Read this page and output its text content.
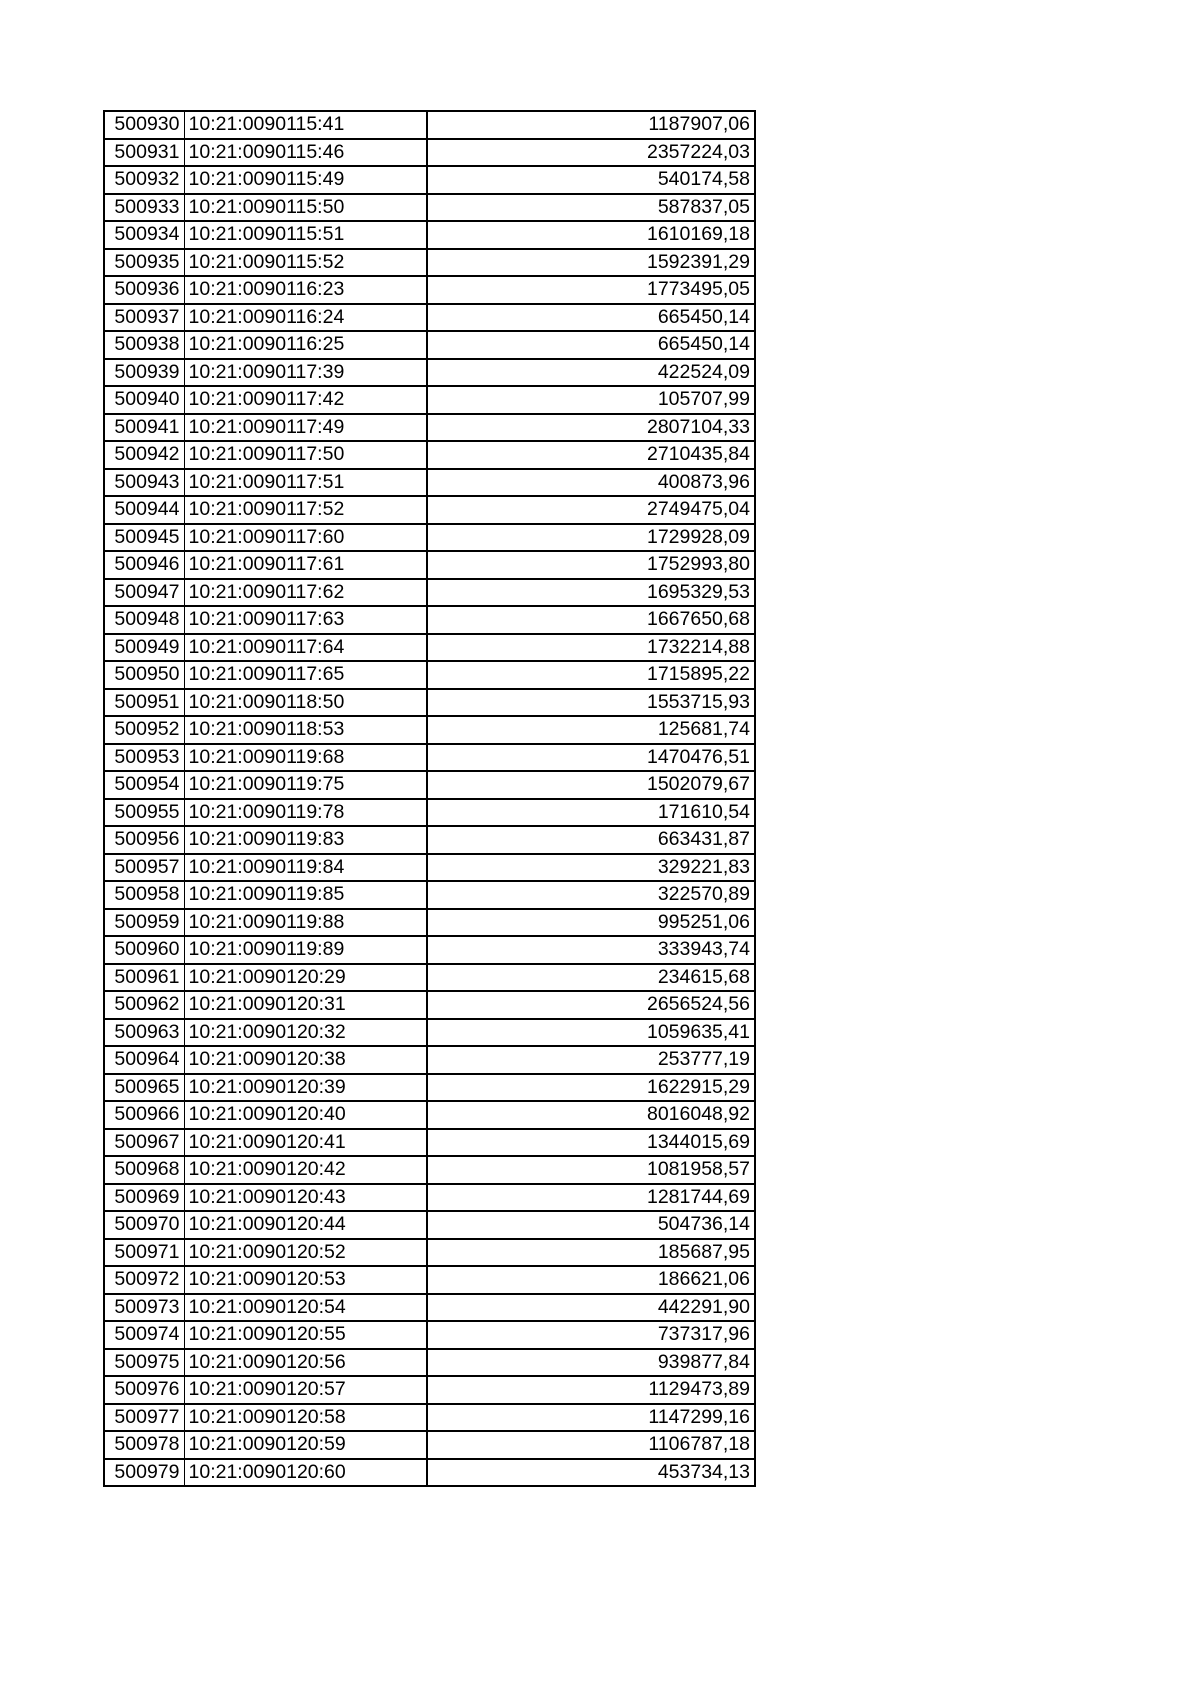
500930	10:21:0090115:41	1187907,06
500931	10:21:0090115:46	2357224,03
500932	10:21:0090115:49	540174,58
500933	10:21:0090115:50	587837,05
500934	10:21:0090115:51	1610169,18
500935	10:21:0090115:52	1592391,29
500936	10:21:0090116:23	1773495,05
500937	10:21:0090116:24	665450,14
500938	10:21:0090116:25	665450,14
500939	10:21:0090117:39	422524,09
500940	10:21:0090117:42	105707,99
500941	10:21:0090117:49	2807104,33
500942	10:21:0090117:50	2710435,84
500943	10:21:0090117:51	400873,96
500944	10:21:0090117:52	2749475,04
500945	10:21:0090117:60	1729928,09
500946	10:21:0090117:61	1752993,80
500947	10:21:0090117:62	1695329,53
500948	10:21:0090117:63	1667650,68
500949	10:21:0090117:64	1732214,88
500950	10:21:0090117:65	1715895,22
500951	10:21:0090118:50	1553715,93
500952	10:21:0090118:53	125681,74
500953	10:21:0090119:68	1470476,51
500954	10:21:0090119:75	1502079,67
500955	10:21:0090119:78	171610,54
500956	10:21:0090119:83	663431,87
500957	10:21:0090119:84	329221,83
500958	10:21:0090119:85	322570,89
500959	10:21:0090119:88	995251,06
500960	10:21:0090119:89	333943,74
500961	10:21:0090120:29	234615,68
500962	10:21:0090120:31	2656524,56
500963	10:21:0090120:32	1059635,41
500964	10:21:0090120:38	253777,19
500965	10:21:0090120:39	1622915,29
500966	10:21:0090120:40	8016048,92
500967	10:21:0090120:41	1344015,69
500968	10:21:0090120:42	1081958,57
500969	10:21:0090120:43	1281744,69
500970	10:21:0090120:44	504736,14
500971	10:21:0090120:52	185687,95
500972	10:21:0090120:53	186621,06
500973	10:21:0090120:54	442291,90
500974	10:21:0090120:55	737317,96
500975	10:21:0090120:56	939877,84
500976	10:21:0090120:57	1129473,89
500977	10:21:0090120:58	1147299,16
500978	10:21:0090120:59	1106787,18
500979	10:21:0090120:60	453734,13
